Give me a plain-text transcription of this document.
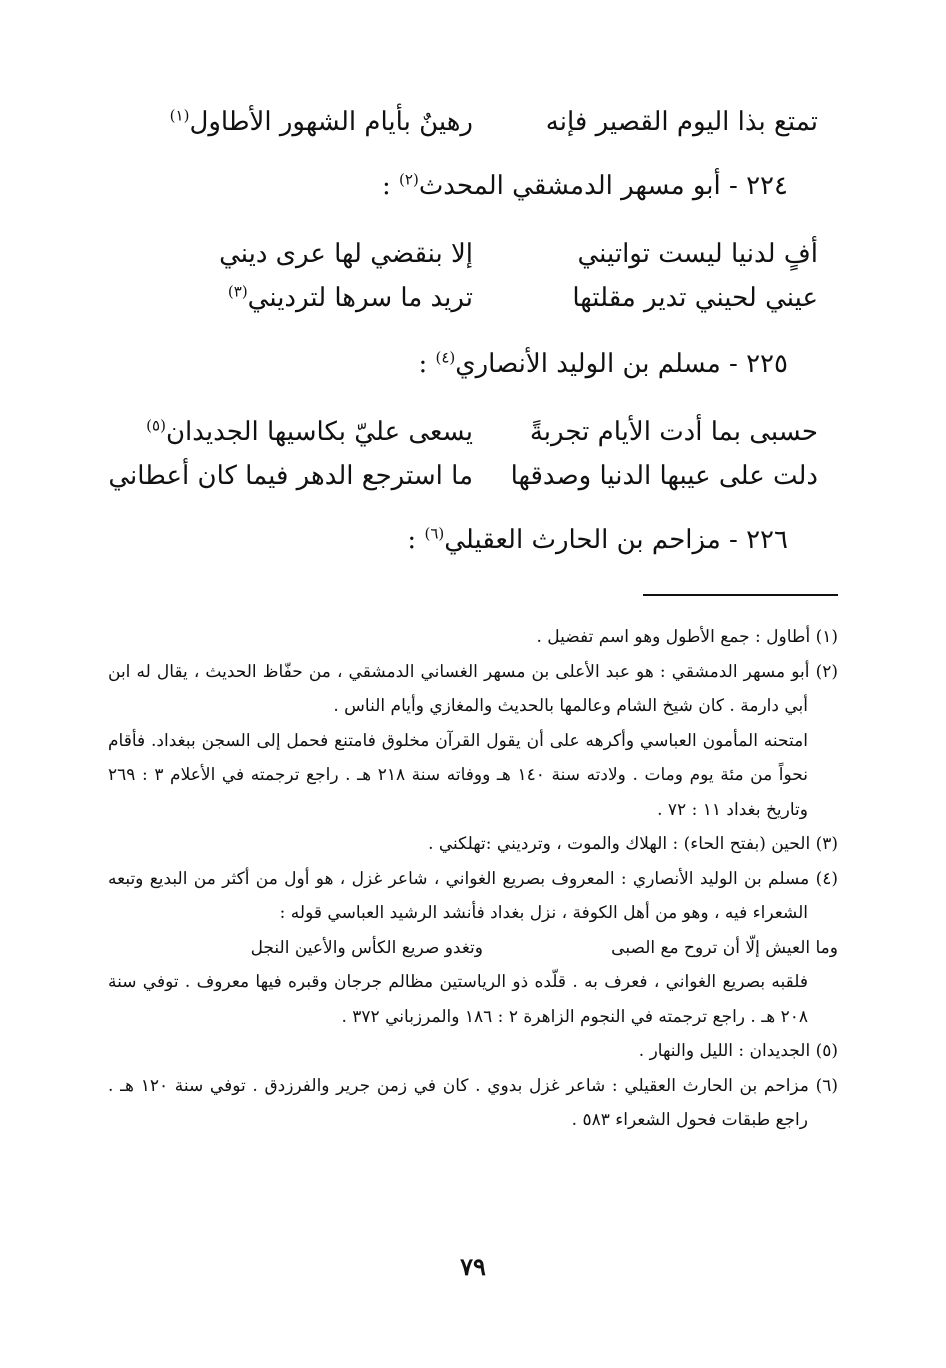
تمتع بذا اليوم القصير فإنه
رهينٌ بأيام الشهور الأطاول$^{(١)}$
٢٢٤ - أبو مسهر الدمشقي المحدث$^{(٢)}$ :
أفٍ لدنيا ليست تواتيني
إلا بنقضي لها عرى ديني
عيني لحيني تدير مقلتها
تريد ما سرها لترديني$^{(٣)}$
٢٢٥ - مسلم بن الوليد الأنصاري$^{(٤)}$ :
حسبى بما أدت الأيام تجربةً
يسعى عليّ بكاسيها الجديدان$^{(٥)}$
دلت على عيبها الدنيا وصدقها
ما استرجع الدهر فيما كان أعطاني
٢٢٦ - مزاحم بن الحارث العقيلي$^{(٦)}$ :

(١) أطاول : جمع الأطول وهو اسم تفضيل .

(٢) أبو مسهر الدمشقي : هو عبد الأعلى بن مسهر الغساني الدمشقي ، من حفّاظ الحديث ، يقال له ابن أبي دارمة . كان شيخ الشام وعالمها بالحديث والمغازي وأيام الناس .

امتحنه المأمون العباسي وأكرهه على أن يقول القرآن مخلوق فامتنع فحمل إلى السجن ببغداد. فأقام نحواً من مئة يوم ومات . ولادته سنة ١٤٠ هـ ووفاته سنة ٢١٨ هـ . راجع ترجمته في الأعلام ٣ : ٢٦٩ وتاريخ بغداد ١١ : ٧٢ .

(٣) الحين (بفتح الحاء) : الهلاك والموت ، وترديني :تهلكني .

(٤) مسلم بن الوليد الأنصاري : المعروف بصريع الغواني ، شاعر غزل ، هو أول من أكثر من البديع وتبعه الشعراء فيه ، وهو من أهل الكوفة ، نزل بغداد فأنشد الرشيد العباسي قوله :

وما العيش إلّا أن تروح مع الصبى
وتغدو صريع الكأس والأعين النجل

فلقبه بصريع الغواني ، فعرف به . قلّده ذو الرياستين مظالم جرجان وقبره فيها معروف . توفي سنة ٢٠٨ هـ . راجع ترجمته في النجوم الزاهرة ٢ : ١٨٦ والمرزباني ٣٧٢ .

(٥) الجديدان : الليل والنهار .

(٦) مزاحم بن الحارث العقيلي : شاعر غزل بدوي . كان في زمن جرير والفرزدق . توفي سنة ١٢٠ هـ . راجع طبقات فحول الشعراء ٥٨٣ .

٧٩
